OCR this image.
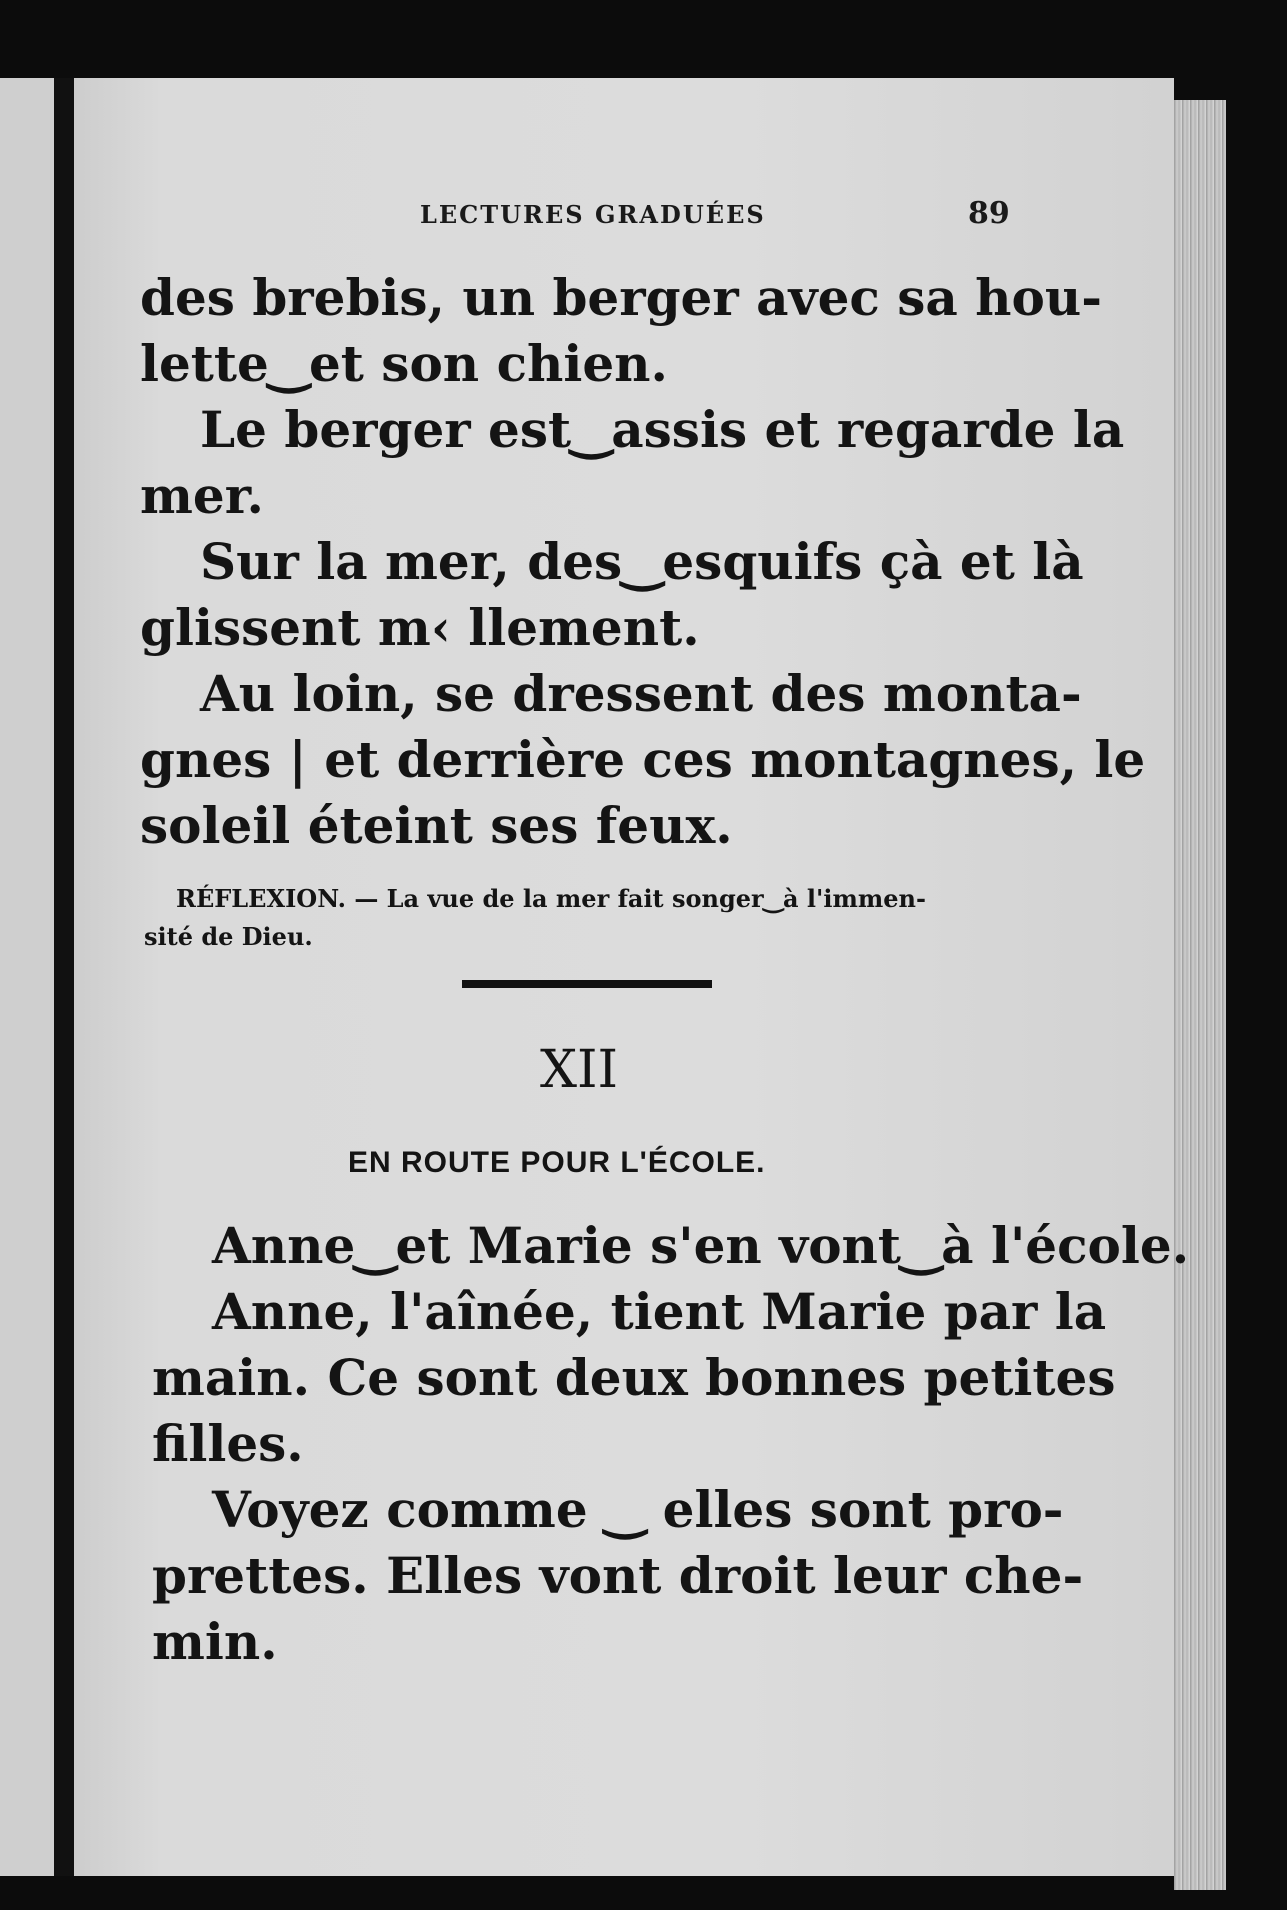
LECTURES GRADUÉES	89
des brebis, un berger avec sa hou-
lette‿et son chien.
Le berger est‿assis et regarde la
mer.
Sur la mer, des‿esquifs çà et là
glissent m‹ llement.
Au loin, se dressent des monta-
gnes | et derrière ces montagnes, le
soleil éteint ses feux.
RÉFLEXION. — La vue de la mer fait songer‿à l'immen-
sité de Dieu.
XII
EN ROUTE POUR L'ÉCOLE.
Anne‿et Marie s'en vont‿à l'école.
Anne, l'aînée, tient Marie par la
main. Ce sont deux bonnes petites
filles.
Voyez comme ‿ elles sont pro-
prettes. Elles vont droit leur che-
min.
